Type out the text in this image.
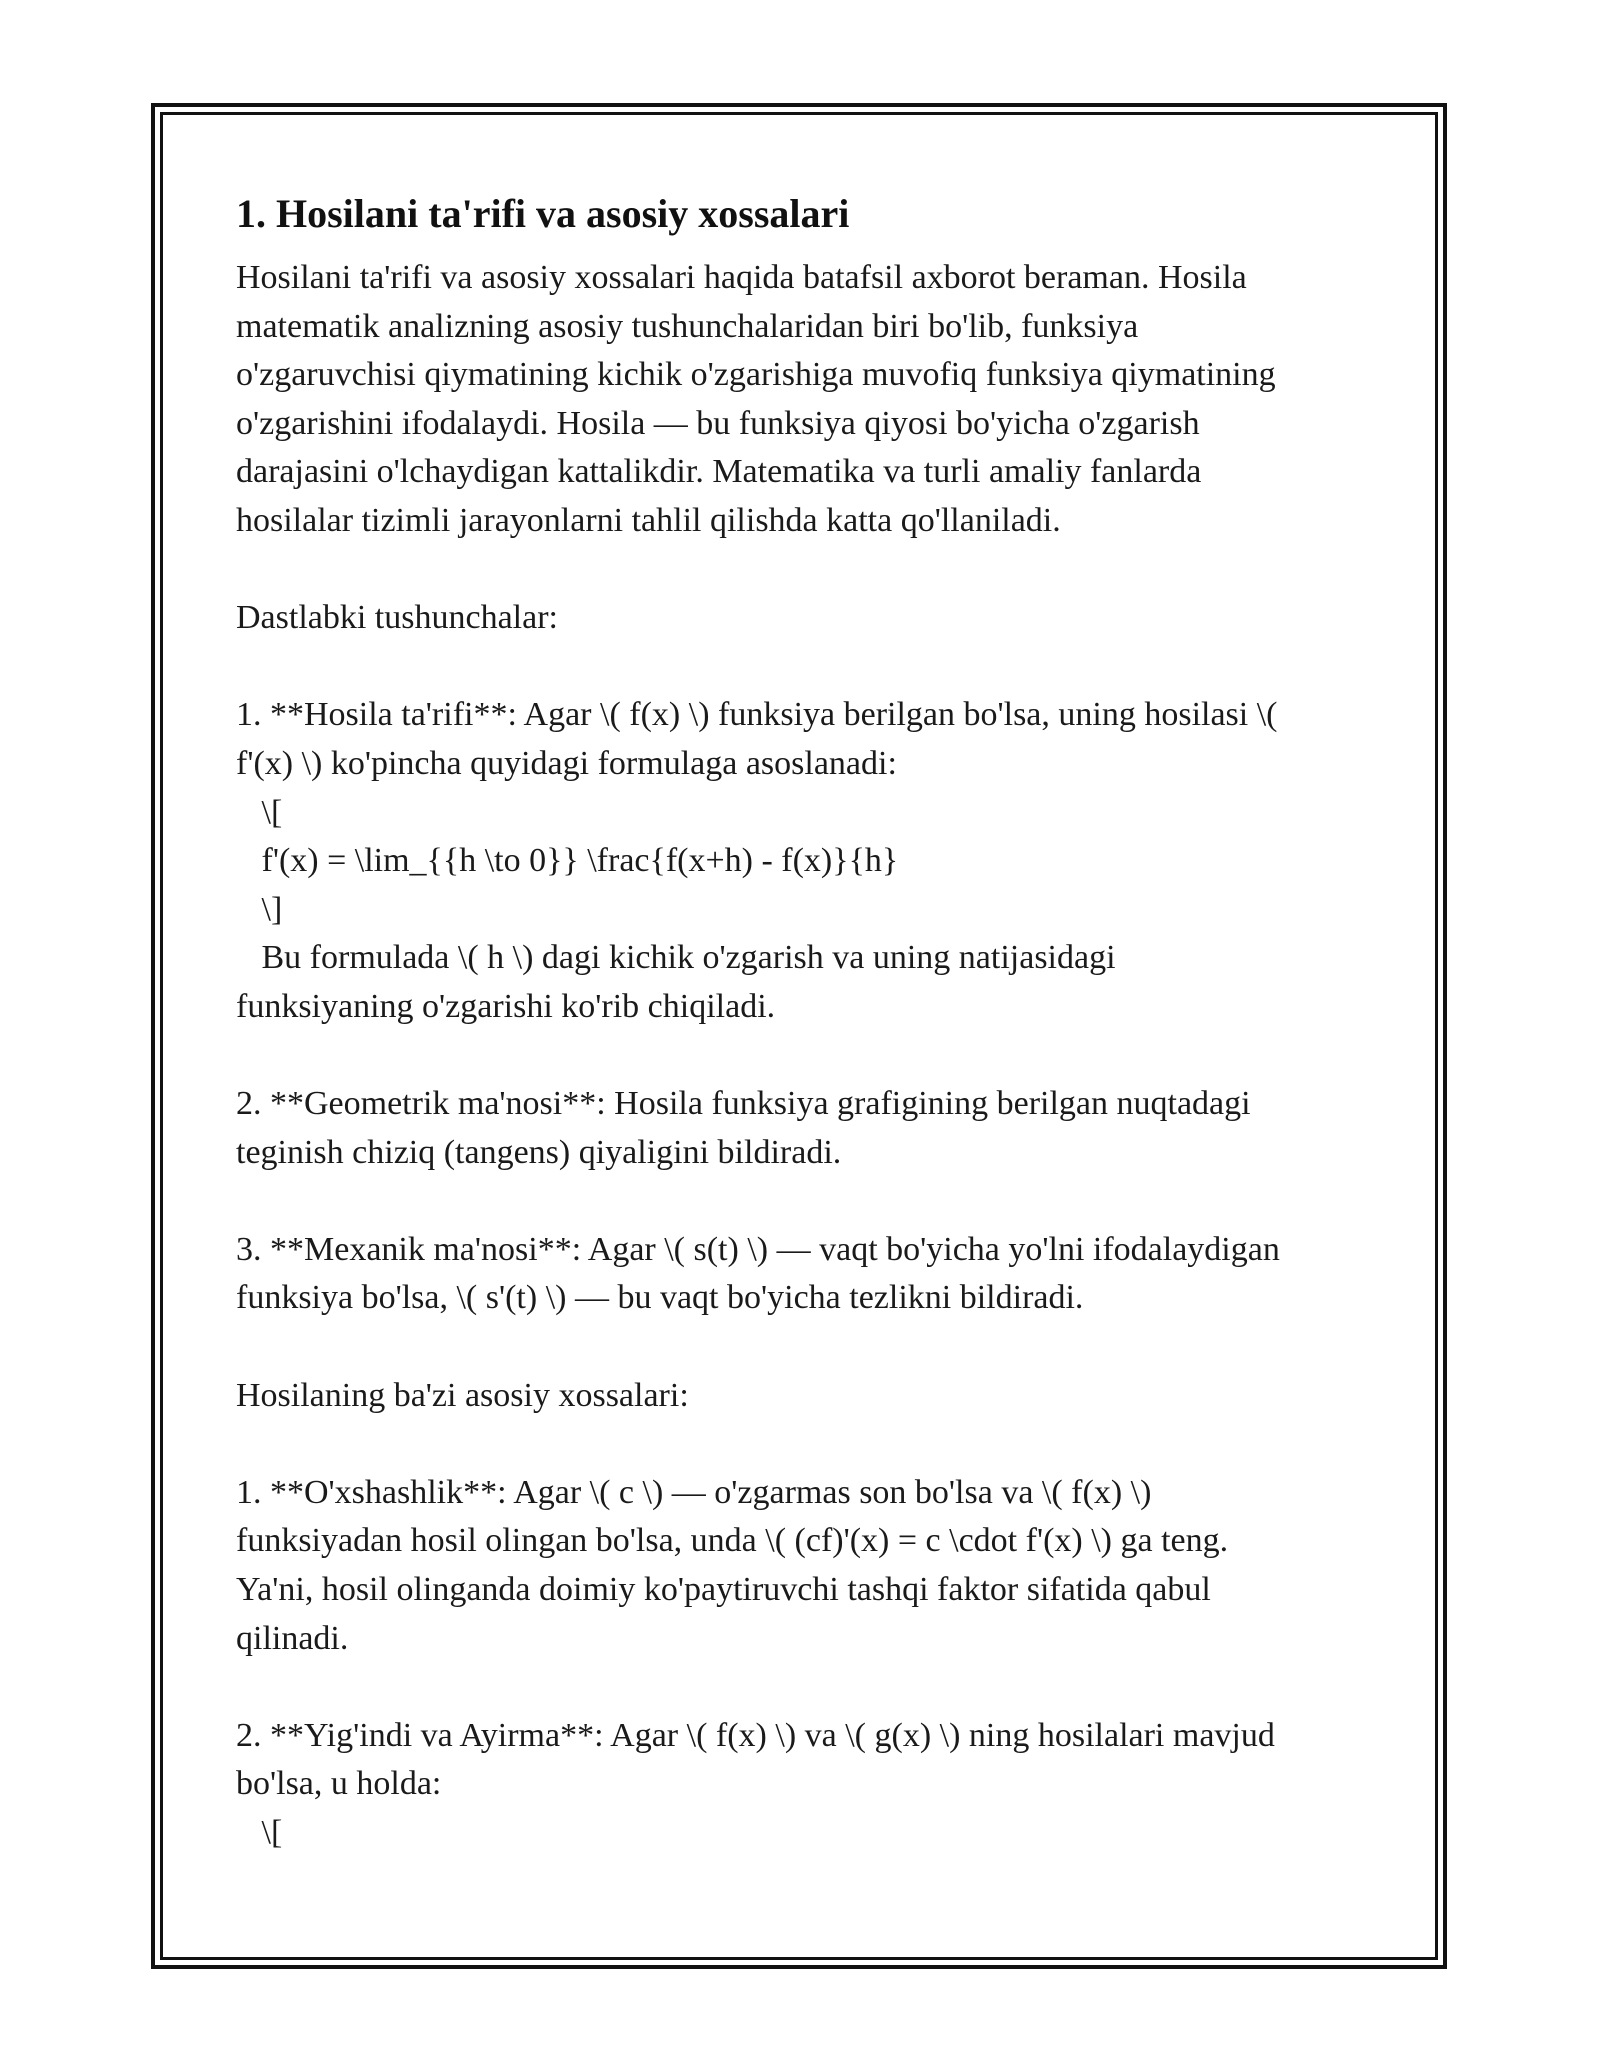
1. Hosilani ta'rifi va asosiy xossalari
Hosilani ta'rifi va asosiy xossalari haqida batafsil axborot beraman. Hosila
matematik analizning asosiy tushunchalaridan biri bo'lib, funksiya
o'zgaruvchisi qiymatining kichik o'zgarishiga muvofiq funksiya qiymatining
o'zgarishini ifodalaydi. Hosila — bu funksiya qiyosi bo'yicha o'zgarish
darajasini o'lchaydigan kattalikdir. Matematika va turli amaliy fanlarda
hosilalar tizimli jarayonlarni tahlil qilishda katta qo'llaniladi.
Dastlabki tushunchalar:
1. **Hosila ta'rifi**: Agar \( f(x) \) funksiya berilgan bo'lsa, uning hosilasi \(
f'(x) \) ko'pincha quyidagi formulaga asoslanadi:
\[
f'(x) = \lim_{{h \to 0}} \frac{f(x+h) - f(x)}{h}
\]
Bu formulada \( h \) dagi kichik o'zgarish va uning natijasidagi
funksiyaning o'zgarishi ko'rib chiqiladi.
2. **Geometrik ma'nosi**: Hosila funksiya grafigining berilgan nuqtadagi
teginish chiziq (tangens) qiyaligini bildiradi.
3. **Mexanik ma'nosi**: Agar \( s(t) \) — vaqt bo'yicha yo'lni ifodalaydigan
funksiya bo'lsa, \( s'(t) \) — bu vaqt bo'yicha tezlikni bildiradi.
Hosilaning ba'zi asosiy xossalari:
1. **O'xshashlik**: Agar \( c \) — o'zgarmas son bo'lsa va \( f(x) \)
funksiyadan hosil olingan bo'lsa, unda \( (cf)'(x) = c \cdot f'(x) \) ga teng.
Ya'ni, hosil olinganda doimiy ko'paytiruvchi tashqi faktor sifatida qabul
qilinadi.
2. **Yig'indi va Ayirma**: Agar \( f(x) \) va \( g(x) \) ning hosilalari mavjud
bo'lsa, u holda:
\[
